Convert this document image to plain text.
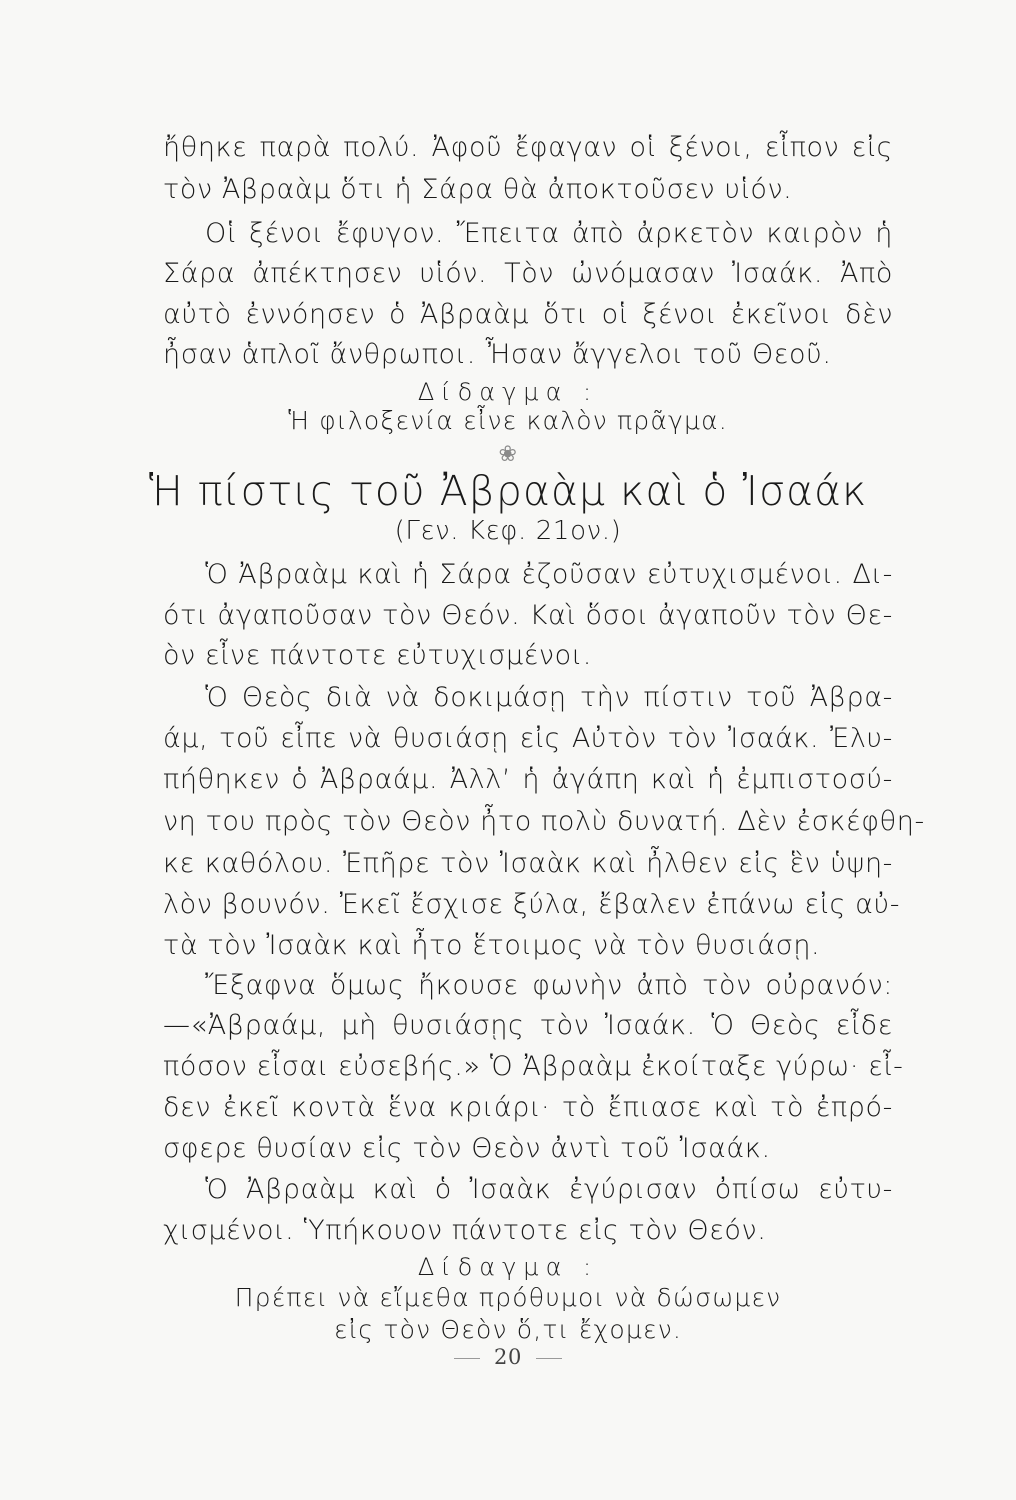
ἤθηκε παρὰ πολύ. Ἀφοῦ ἔφαγαν οἱ ξένοι, εἶπον εἰς
τὸν Ἀβραὰμ ὅτι ἡ Σάρα θὰ ἀποκτοῦσεν υἱόν.
Οἱ ξένοι ἔφυγον. Ἔπειτα ἀπὸ ἀρκετὸν καιρὸν ἡ
Σάρα ἀπέκτησεν υἱόν. Τὸν ὠνόμασαν Ἰσαάκ. Ἀπὸ
αὐτὸ ἐννόησεν ὁ Ἀβραὰμ ὅτι οἱ ξένοι ἐκεῖνοι δὲν
ἦσαν ἁπλοῖ ἄνθρωποι. Ἦσαν ἄγγελοι τοῦ Θεοῦ.
Δίδαγμα :
Ἡ φιλοξενία εἶνε καλὸν πρᾶγμα.
❀
Ἡ πίστις τοῦ Ἀβραὰμ καὶ ὁ Ἰσαάκ
(Γεν. Κεφ. 21ον.)
Ὁ Ἀβραὰμ καὶ ἡ Σάρα ἐζοῦσαν εὐτυχισμένοι. Δι-
ότι ἀγαποῦσαν τὸν Θεόν. Καὶ ὅσοι ἀγαποῦν τὸν Θε-
ὸν εἶνε πάντοτε εὐτυχισμένοι.
Ὁ Θεὸς διὰ νὰ δοκιμάσῃ τὴν πίστιν τοῦ Ἀβρα-
άμ, τοῦ εἶπε νὰ θυσιάσῃ εἰς Αὐτὸν τὸν Ἰσαάκ. Ἐλυ-
πήθηκεν ὁ Ἀβραάμ. Ἀλλ’ ἡ ἀγάπη καὶ ἡ ἐμπιστοσύ-
νη του πρὸς τὸν Θεὸν ἦτο πολὺ δυνατή. Δὲν ἐσκέφθη-
κε καθόλου. Ἐπῆρε τὸν Ἰσαὰκ καὶ ἦλθεν εἰς ἓν ὑψη-
λὸν βουνόν. Ἐκεῖ ἔσχισε ξύλα, ἔβαλεν ἐπάνω εἰς αὐ-
τὰ τὸν Ἰσαὰκ καὶ ἦτο ἕτοιμος νὰ τὸν θυσιάσῃ.
Ἔξαφνα ὅμως ἤκουσε φωνὴν ἀπὸ τὸν οὐρανόν:
—«Ἀβραάμ, μὴ θυσιάσῃς τὸν Ἰσαάκ. Ὁ Θεὸς εἶδε
πόσον εἶσαι εὐσεβής.» Ὁ Ἀβραὰμ ἐκοίταξε γύρω· εἶ-
δεν ἐκεῖ κοντὰ ἕνα κριάρι· τὸ ἔπιασε καὶ τὸ ἐπρό-
σφερε θυσίαν εἰς τὸν Θεὸν ἀντὶ τοῦ Ἰσαάκ.
Ὁ Ἀβραὰμ καὶ ὁ Ἰσαὰκ ἐγύρισαν ὀπίσω εὐτυ-
χισμένοι. Ὑπήκουον πάντοτε εἰς τὸν Θεόν.
Δίδαγμα :
Πρέπει νὰ εἴμεθα πρόθυμοι νὰ δώσωμεν
εἰς τὸν Θεὸν ὅ,τι ἔχομεν.
20
